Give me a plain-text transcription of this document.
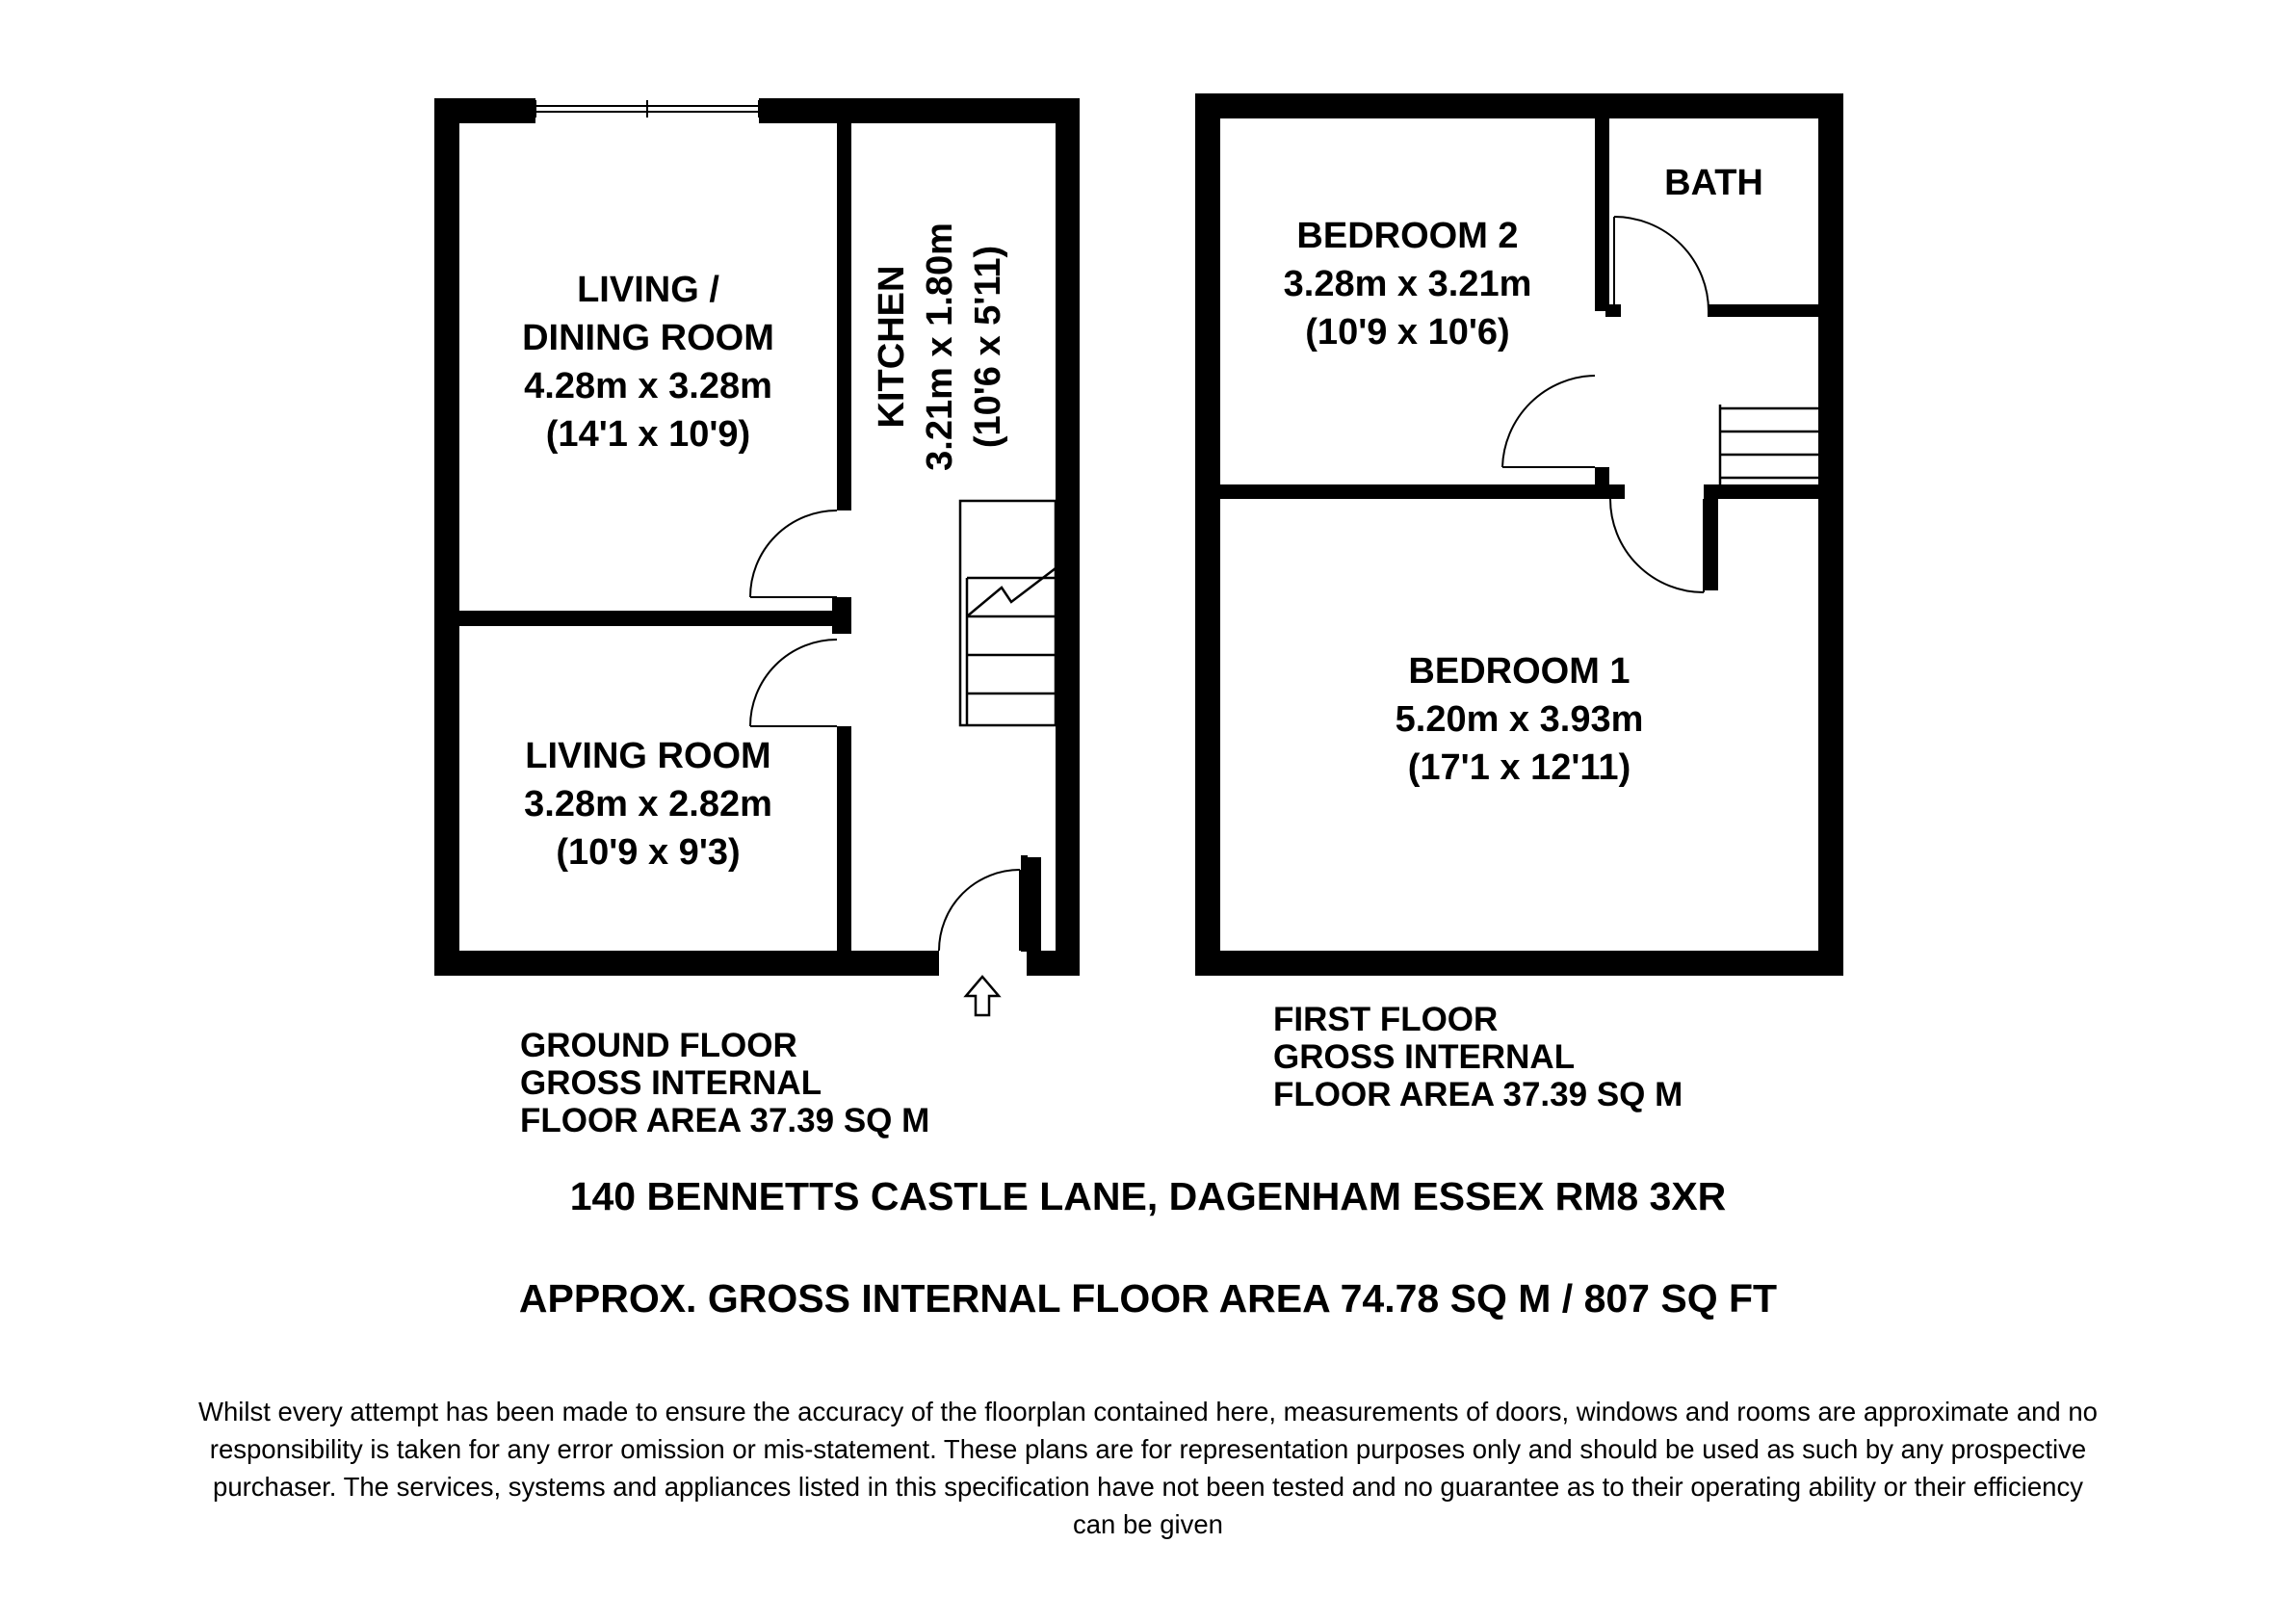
LIVING /
DINING ROOM
4.28m x 3.28m
(14'1 x 10'9)
LIVING ROOM
3.28m x 2.82m
(10'9 x 9'3)
KITCHEN 3.21m x 1.80m (10'6 x 5'11)
BEDROOM 2
3.28m x 3.21m
(10'9 x 10'6)
BATH
BEDROOM 1
5.20m x 3.93m
(17'1 x 12'11)
GROUND FLOOR
GROSS INTERNAL
FLOOR AREA 37.39 SQ M
FIRST FLOOR
GROSS INTERNAL
FLOOR AREA 37.39 SQ M
140 BENNETTS CASTLE LANE, DAGENHAM ESSEX RM8 3XR
APPROX. GROSS INTERNAL FLOOR AREA 74.78 SQ M / 807 SQ FT
Whilst every attempt has been made to ensure the accuracy of the floorplan contained here, measurements of doors, windows and rooms are approximate and no responsibility is taken for any error omission or mis-statement. These plans are for representation purposes only and should be used as such by any prospective purchaser. The services, systems and appliances listed in this specification have not been tested and no guarantee as to their operating ability or their efficiency can be given
